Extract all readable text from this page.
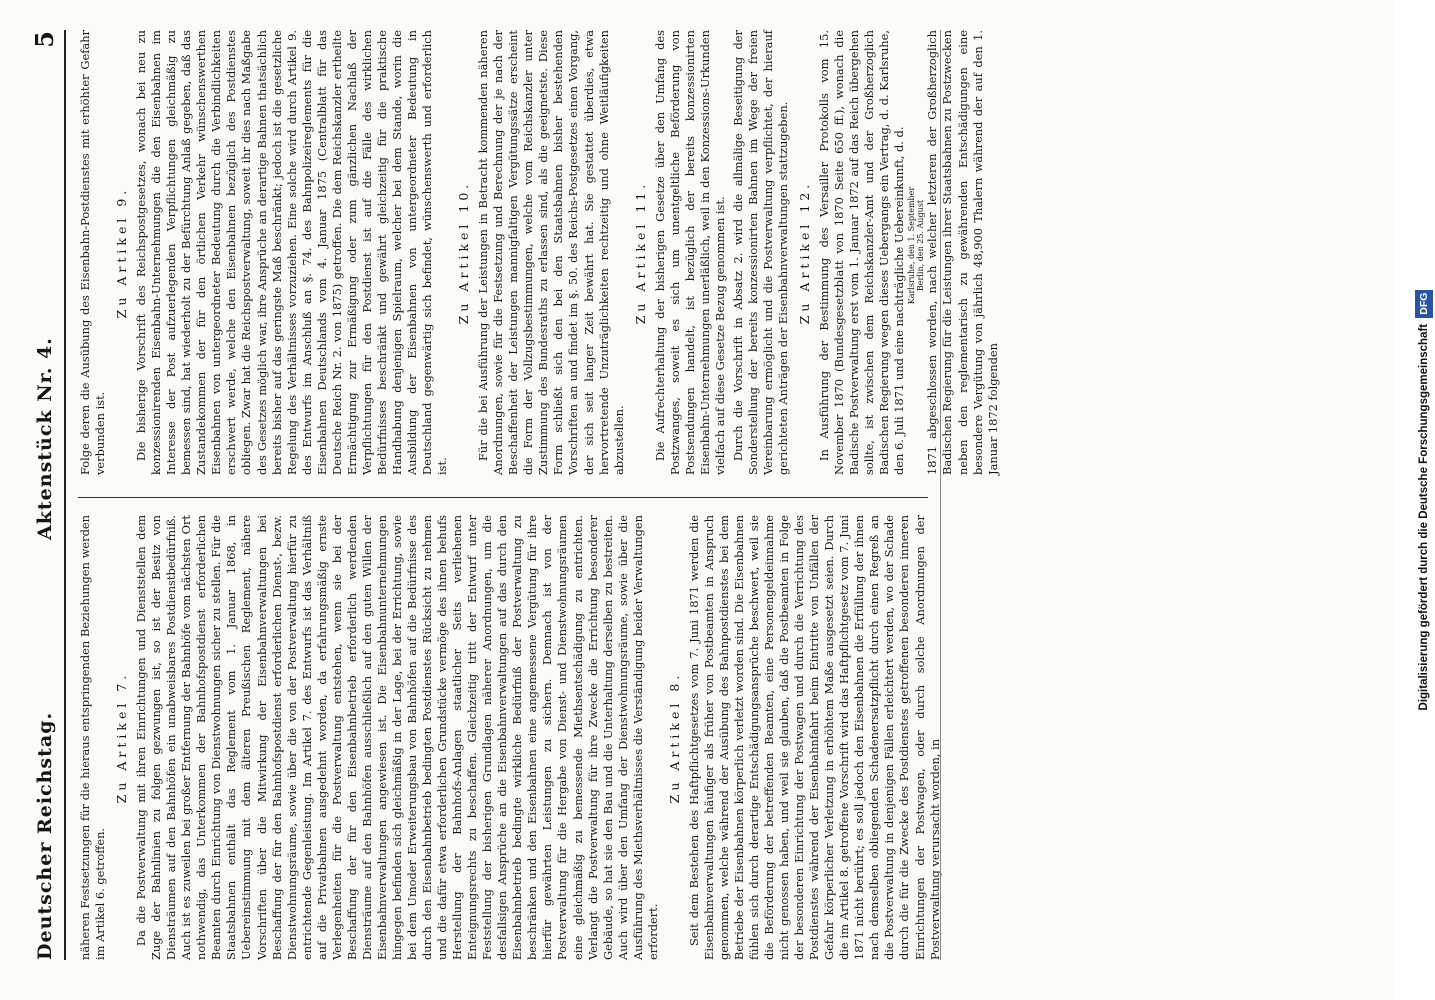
Deutscher Reichstag.
Aktenstück Nr. 4.
5

näheren Festsetzungen für die hieraus entspringenden Beziehungen werden im Artikel 6. getroffen.

Zu Artikel 7. Da die Postverwaltung mit ihren Einrichtungen und Dienststellen dem Zuge der Bahnlinien zu folgen gezwungen ist, so ist der Besitz von Diensträumen auf den Bahnhöfen ein unabweisbares Postdienstbedürfniß. Auch ist es zuweilen bei großer Entfernung der Bahnhöfe vom nächsten Ort nothwendig, das Unterkommen der Bahnhofspostdienst erforderlichen Beamten durch Einrichtung von Dienstwohnungen sicher zu stellen. Für die Staatsbahnen enthält das Reglement vom 1. Januar 1868, in Uebereinstimmung mit dem älteren Preußischen Reglement, nähere Vorschriften über die Mitwirkung der Eisenbahnverwaltungen bei Beschaffung der für den Bahnhofspostdienst erforderlichen Dienst-, bezw. Dienstwohnungsräume, sowie über die von der Postverwaltung hierfür zu entrichtende Gegenleistung. Im Artikel 7. des Entwurfs ist das Verhältniß auf die Privatbahnen ausgedehnt worden, da erfahrungsmäßig ernste Verlegenheiten für die Postverwaltung entstehen, wenn sie bei der Beschaffung der für den Eisenbahnbetrieb erforderlich werdenden Diensträume auf den Bahnhöfen ausschließlich auf den guten Willen der Eisenbahnverwaltungen angewiesen ist. Die Eisenbahnunternehmungen hingegen befinden sich gleichmäßig in der Lage, bei der Errichtung, sowie bei dem Umoder Erweiterungsbau von Bahnhöfen auf die Bedürfnisse des durch den Eisenbahnbetrieb bedingten Postdienstes Rücksicht zu nehmen und die dafür etwa erforderlichen Grundstücke vermöge des ihnen behufs Herstellung der Bahnhofs-Anlagen staatlicher Seits verliehenen Enteignungsrechts zu beschaffen. Gleichzeitig tritt der Entwurf unter Feststellung der bisherigen Grundlagen näherer Anordnungen, um die desfallsigen Ansprüche an die Eisenbahnverwaltungen auf das durch den Eisenbahnbetrieb bedingte wirkliche Bedürfniß der Postverwaltung zu beschränken und den Eisenbahnen eine angemessene Vergütung für ihre hierfür gewährten Leistungen zu sichern. Demnach ist von der Postverwaltung für die Hergabe von Dienst- und Dienstwohnungsräumen eine gleichmäßig zu bemessende Miethsentschädigung zu entrichten. Verlangt die Postverwaltung für ihre Zwecke die Errichtung besonderer Gebäude, so hat sie den Bau und die Unterhaltung derselben zu bestreiten. Auch wird über den Umfang der Dienstwohnungsräume, sowie über die Ausführung des Miethsverhältnisses die Verständigung beider Verwaltungen erfordert.

Zu Artikel 8. Seit dem Bestehen des Haftpflichtgesetzes vom 7. Juni 1871 werden die Eisenbahnverwaltungen häufiger als früher von Postbeamten in Anspruch genommen, welche während der Ausübung des Bahnpostdienstes bei dem Betriebe der Eisenbahnen körperlich verletzt worden sind. Die Eisenbahnen fühlen sich durch derartige Entschädigungsansprüche beschwert, weil sie die Beförderung der betreffenden Beamten, eine Personengeldeinnahme nicht genossen haben, und weil sie glauben, daß die Postbeamten in Folge der besonderen Einrichtung der Postwagen und durch die Verrichtung des Postdienstes während der Eisenbahnfahrt beim Eintritte von Unfällen der Gefahr körperlicher Verletzung in erhöhtem Maße ausgesetzt seien. Durch die im Artikel 8. getroffene Vorschrift wird das Haftpflichtgesetz vom 7. Juni 1871 nicht berührt; es soll jedoch den Eisenbahnen die Erfüllung der ihnen nach demselben obliegenden Schadenersatzpflicht durch einen Regreß an die Postverwaltung in denjenigen Fällen erleichtert werden, wo der Schade durch die für die Zwecke des Postdienstes getroffenen besonderen inneren Einrichtungen der Postwagen, oder durch solche Anordnungen der Postverwaltung verursacht worden, in

Folge deren die Ausübung des Eisenbahn-Postdienstes mit erhöhter Gefahr verbunden ist.

Zu Artikel 9. Die bisherige Vorschrift des Reichspostgesetzes, wonach bei neu zu konzessionirenden Eisenbahn-Unternehmungen die den Eisenbahnen im Interesse der Post aufzuerlegenden Verpflichtungen gleichmäßig zu bemessen sind, hat wiederholt zu der Befürchtung Anlaß gegeben, daß das Zustandekommen der für den örtlichen Verkehr wünschenswerthen Eisenbahnen von untergeordneter Bedeutung durch die Verbindlichkeiten erschwert werde, welche den Eisenbahnen bezüglich des Postdienstes obliegen. Zwar hat die Reichspostverwaltung, soweit ihr dies nach Maßgabe des Gesetzes möglich war, ihre Ansprüche an derartige Bahnen thatsächlich bereits bisher auf das geringste Maß beschränkt; jedoch ist die gesetzliche Regelung des Verhältnisses vorzuziehen. Eine solche wird durch Artikel 9. des Entwurfs im Anschluß an §. 74. des Bahnpolizeireglements für die Eisenbahnen Deutschlands vom 4. Januar 1875 (Centralblatt für das Deutsche Reich Nr. 2. von 1875) getroffen. Die dem Reichskanzler ertheilte Ermächtigung zur Ermäßigung oder zum gänzlichen Nachlaß der Verpflichtungen für den Postdienst ist auf die Fälle des wirklichen Bedürfnisses beschränkt und gewährt gleichzeitig für die praktische Handhabung denjenigen Spielraum, welcher bei dem Stande, worin die Ausbildung der Eisenbahnen von untergeordneter Bedeutung in Deutschland gegenwärtig sich befindet, wünschenswerth und erforderlich ist.

Zu Artikel 10. Für die bei Ausführung der Leistungen in Betracht kommenden näheren Anordnungen, sowie für die Festsetzung und Berechnung der je nach der Beschaffenheit der Leistungen mannigfaltigen Vergütungssätze erscheint die Form der Vollzugsbestimmungen, welche vom Reichskanzler unter Zustimmung des Bundesraths zu erlassen sind, als die geeignetste. Diese Form schließt sich den bei den Staatsbahnen bisher bestehenden Vorschriften an und findet im §. 50. des Reichs-Postgesetzes einen Vorgang, der sich seit langer Zeit bewährt hat. Sie gestattet überdies, etwa hervortretende Unzuträglichkeiten rechtzeitig und ohne Weitläufigkeiten abzustellen.

Zu Artikel 11. Die Aufrechterhaltung der bisherigen Gesetze über den Umfang des Postzwanges, soweit es sich um unentgeltliche Beförderung von Postsendungen handelt, ist bezüglich der bereits konzessionirten Eisenbahn-Unternehmungen unerläßlich, weil in den Konzessions-Urkunden vielfach auf diese Gesetze Bezug genommen ist. Durch die Vorschrift in Absatz 2. wird die allmälige Beseitigung der Sonderstellung der bereits konzessionirten Bahnen im Wege der freien Vereinbarung ermöglicht und die Postverwaltung verpflichtet, der hierauf gerichteten Anträgen der Eisenbahnverwaltungen stattzugeben. Zu Artikel 12. In Ausführung der Bestimmung des Versailler Protokolls vom 15. November 1870 (Bundesgesetzblatt von 1870 Seite 650 ff.), wonach die Badische Postverwaltung erst vom 1. Januar 1872 auf das Reich übergehen sollte, ist zwischen dem Reichskanzler-Amt und der Großherzoglich Badischen Regierung wegen dieses Uebergangs ein Vertrag, d. d. Karlsruhe, den 6. Juli 1871 und eine nachträgliche Uebereinkunft, d. d. Karlsruhe, den 1. September Berlin, den 25. August 1871 abgeschlossen worden, nach welcher letzteren der Großherzoglich Badischen Regierung für die Leistungen ihrer Staatsbahnen zu Postzwecken neben den reglementarisch zu gewährenden Entschädigungen eine besondere Vergütung von jährlich 48,900 Thalern während der auf den 1. Januar 1872 folgenden	Digitalisierung gefördert durch die Deutsche Forschungsgemeinschaft DFG
